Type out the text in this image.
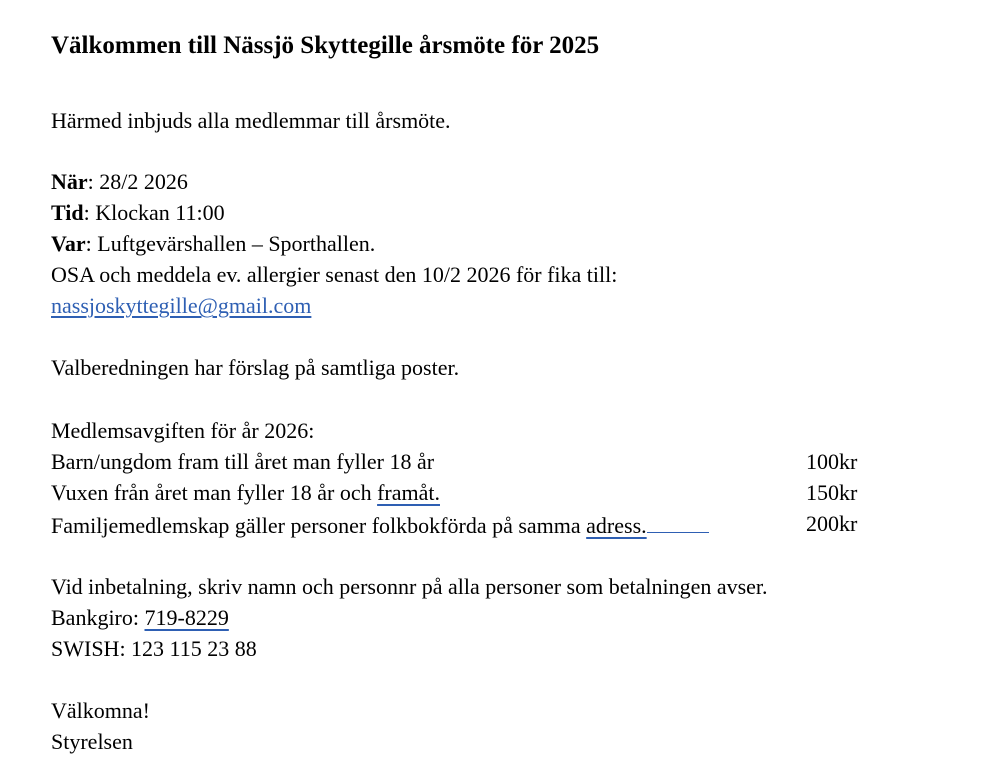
Välkommen till Nässjö Skyttegille årsmöte för 2025
Härmed inbjuds alla medlemmar till årsmöte.
När: 28/2 2026
Tid: Klockan 11:00
Var: Luftgevärshallen – Sporthallen.
OSA och meddela ev. allergier senast den 10/2 2026 för fika till:
nassjoskyttegille@gmail.com
Valberedningen har förslag på samtliga poster.
Medlemsavgiften för år 2026:
Barn/ungdom fram till året man fyller 18 år	100kr
Vuxen från året man fyller 18 år och framåt.	150kr
Familjemedlemskap gäller personer folkbokförda på samma adress.	200kr
Vid inbetalning, skriv namn och personnr på alla personer som betalningen avser.
Bankgiro: 719-8229
SWISH: 123 115 23 88
Välkomna!
Styrelsen
